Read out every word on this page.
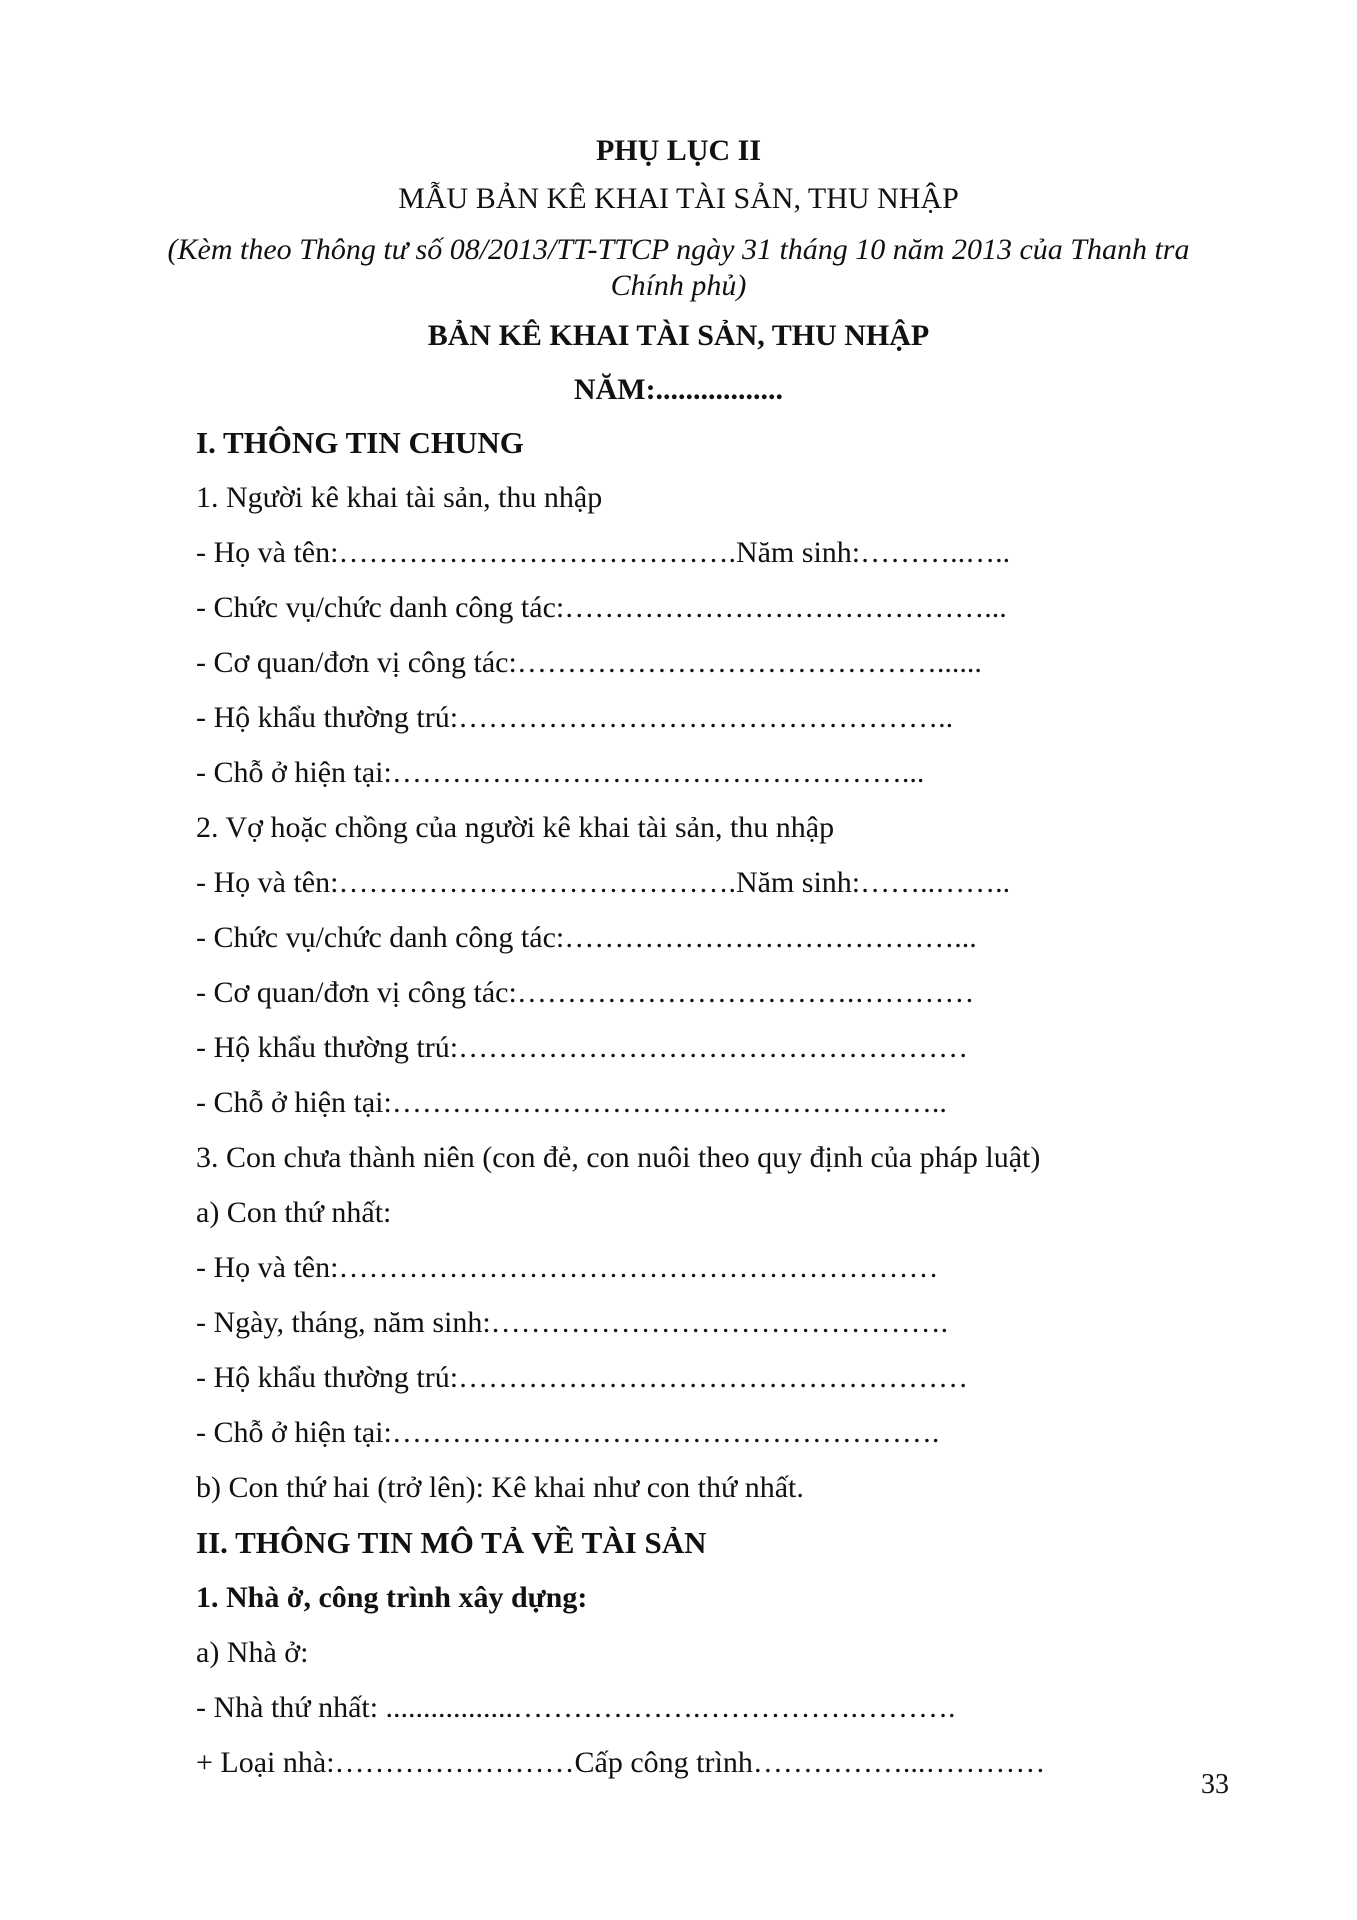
PHỤ LỤC II
MẪU BẢN KÊ KHAI TÀI SẢN, THU NHẬP
(Kèm theo Thông tư số 08/2013/TT-TTCP ngày 31 tháng 10 năm 2013 của Thanh tra
Chính phủ)
BẢN KÊ KHAI TÀI SẢN, THU NHẬP
NĂM:.................
I. THÔNG TIN CHUNG
1. Người kê khai tài sản, thu nhập
- Họ và tên:………………………………….Năm sinh:………..…..
- Chức vụ/chức danh công tác:……………………………………...
- Cơ quan/đơn vị công tác:……………………………………......
- Hộ khẩu thường trú:…………………………………………..
- Chỗ ở hiện tại:……………………………………………...
2. Vợ hoặc chồng của người kê khai tài sản, thu nhập
- Họ và tên:………………………………….Năm sinh:……..……..
- Chức vụ/chức danh công tác:…………………………………...
- Cơ quan/đơn vị công tác:…………………………….…………
- Hộ khẩu thường trú:……………………………………………
- Chỗ ở hiện tại:………………………………………………..
3. Con chưa thành niên (con đẻ, con nuôi theo quy định của pháp luật)
a) Con thứ nhất:
- Họ và tên:……………………………………………………
- Ngày, tháng, năm sinh:……………………………………….
- Hộ khẩu thường trú:……………………………………………
- Chỗ ở hiện tại:……………………………………………….
b) Con thứ hai (trở lên): Kê khai như con thứ nhất.
II. THÔNG TIN MÔ TẢ VỀ TÀI SẢN
1. Nhà ở, công trình xây dựng:
a) Nhà ở:
- Nhà thứ nhất: .................……………….…………….……….
+ Loại nhà:……………………Cấp công trình……………...…………
33
